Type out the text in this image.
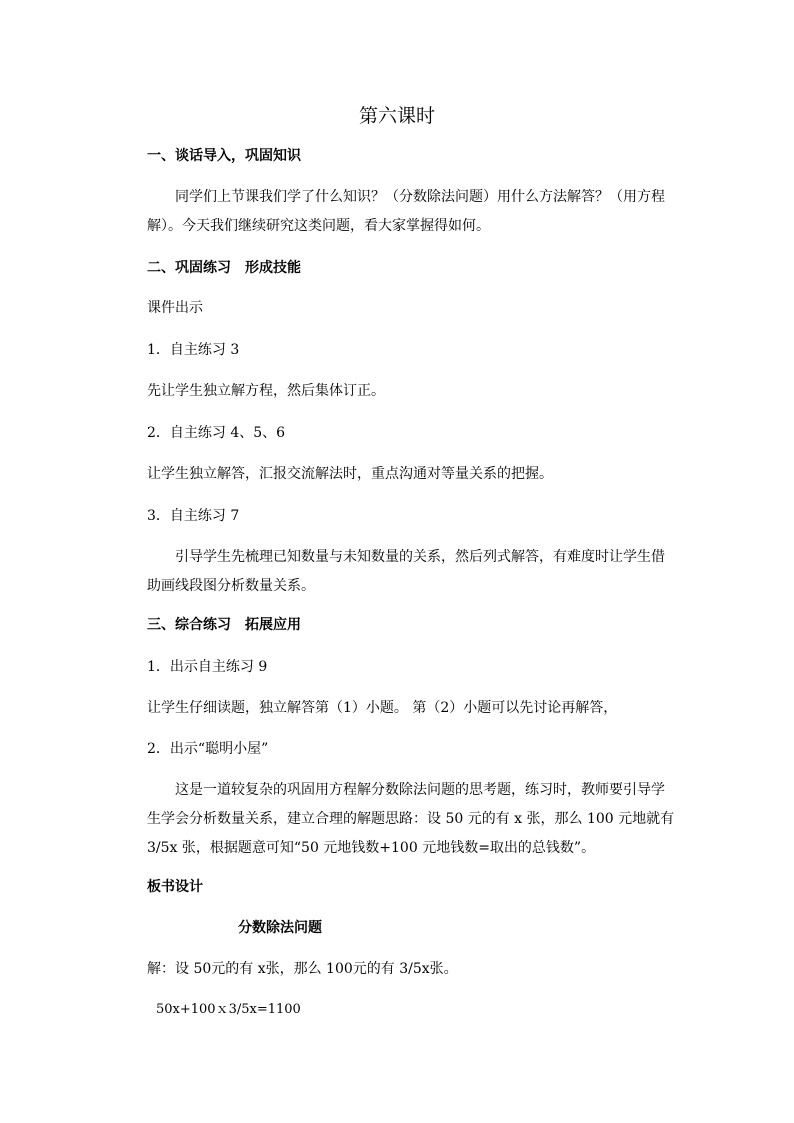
第六课时
一、谈话导入，巩固知识
同学们上节课我们学了什么知识？（分数除法问题）用什么方法解答？（用方程解）。今天我们继续研究这类问题，看大家掌握得如何。
二、巩固练习　形成技能
课件出示
1．自主练习 3
先让学生独立解方程，然后集体订正。
2．自主练习 4、5、6
让学生独立解答，汇报交流解法时，重点沟通对等量关系的把握。
3．自主练习 7
引导学生先梳理已知数量与未知数量的关系，然后列式解答，有难度时让学生借助画线段图分析数量关系。
三、综合练习　拓展应用
1．出示自主练习 9
让学生仔细读题，独立解答第（1）小题。 第（2）小题可以先讨论再解答，
2．出示“聪明小屋”
这是一道较复杂的巩固用方程解分数除法问题的思考题，练习时，教师要引导学生学会分析数量关系，建立合理的解题思路：设 50 元的有 x 张，那么 100 元地就有 3/5x 张，根据题意可知“50 元地钱数+100 元地钱数=取出的总钱数”。
板书设计
分数除法问题
解：设 50元的有 x张，那么 100元的有 3/5x张。
50x+100ｘ3/5x=1100
